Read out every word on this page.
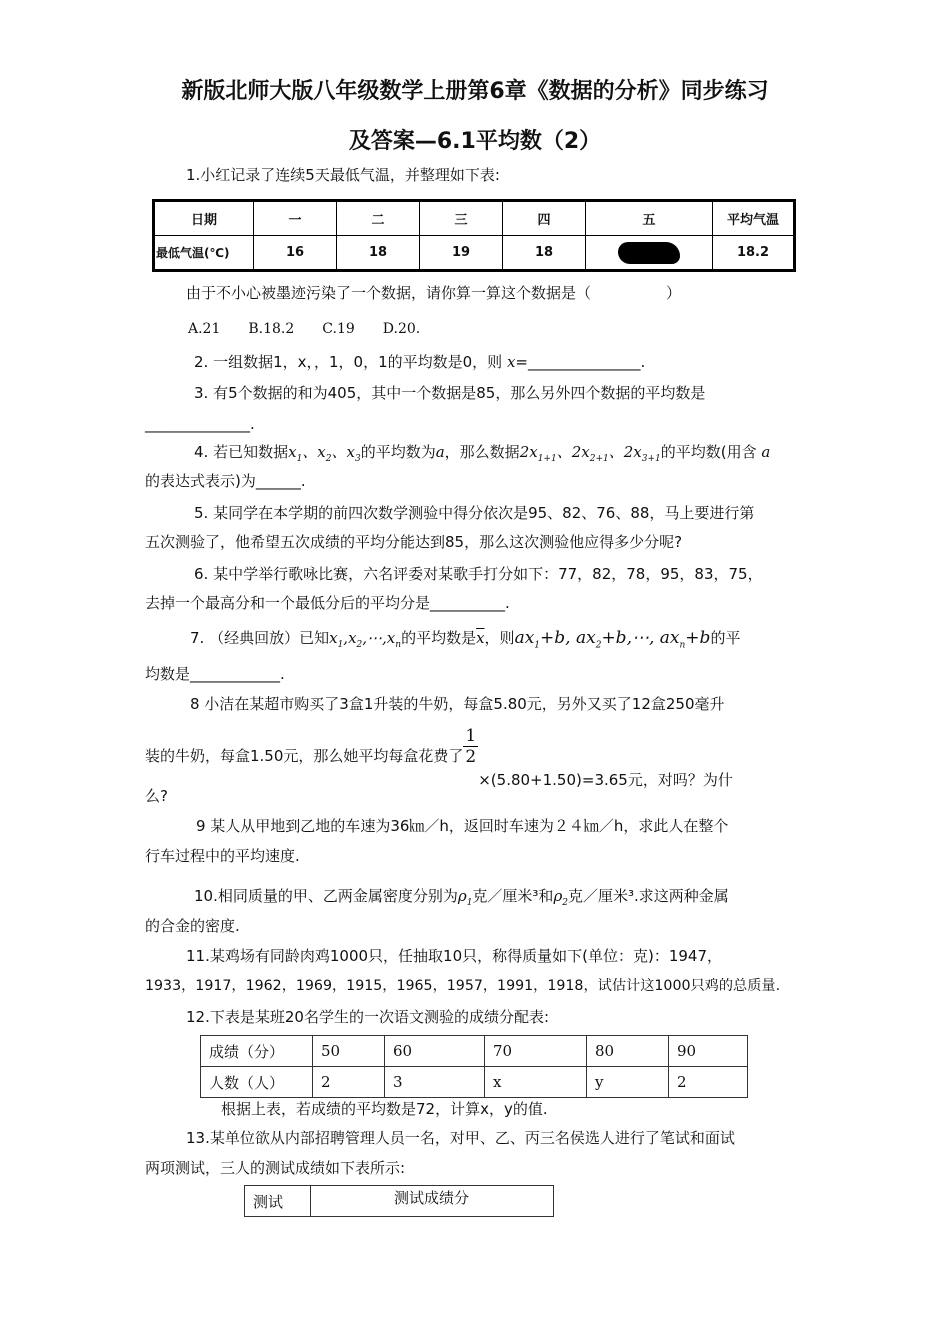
新版北师大版八年级数学上册第6章《数据的分析》同步练习
及答案—6.1平均数（2）
1.小红记录了连续5天最低气温，并整理如下表:
日期	一	二	三	四	五	平均气温
最低气温(℃)	16	18	19	18		18.2
由于不小心被墨迹污染了一个数据，请你算一算这个数据是（　　　　　）
A.21　　B.18.2　　C.19　　D.20.
2. 一组数据1，x，，1，0，1的平均数是0，则 x=_______________.
3. 有5个数据的和为405，其中一个数据是85，那么另外四个数据的平均数是
______________.
4. 若已知数据$x_1$、$x_2$、$x_3$的平均数为a，那么数据$2x_{1+1}$、$2x_{2+1}$、$2x_{3+1}$的平均数(用含 a
的表达式表示)为______.
5. 某同学在本学期的前四次数学测验中得分依次是95、82、76、88，马上要进行第
五次测验了，他希望五次成绩的平均分能达到85，那么这次测验他应得多少分呢?
6. 某中学举行歌咏比赛，六名评委对某歌手打分如下：77，82，78，95，83，75，
去掉一个最高分和一个最低分后的平均分是__________.
7. （经典回放）已知$x_1,x_2,\cdots,x_n$的平均数是$\overline{x}$，则$ax_1+b$, $ax_2+b,\cdots$, $ax_n+b$的平
均数是____________.
8 小洁在某超市购买了3盒1升装的牛奶，每盒5.80元，另外又买了12盒250毫升
装的牛奶，每盒1.50元，那么她平均每盒花费了 $\frac{1}{2}$
×(5.80+1.50)=3.65元，对吗？为什
么?
9 某人从甲地到乙地的车速为36㎞／h，返回时车速为２４㎞／h，求此人在整个
行车过程中的平均速度.
10.相同质量的甲、乙两金属密度分别为$\rho_1$克／厘米³和$\rho_2$克／厘米³.求这两种金属
的合金的密度.
11.某鸡场有同龄肉鸡1000只，任抽取10只，称得质量如下(单位：克)：1947，
1933，1917，1962，1969，1915，1965，1957，1991，1918，试估计这1000只鸡的总质量.
12.下表是某班20名学生的一次语文测验的成绩分配表:
成绩（分）	50	60	70	80	90
人数（人）	2	3	x	y	2
根据上表，若成绩的平均数是72，计算x，y的值.
13.某单位欲从内部招聘管理人员一名，对甲、乙、丙三名侯选人进行了笔试和面试
两项测试，三人的测试成绩如下表所示:
测试	测试成绩分
